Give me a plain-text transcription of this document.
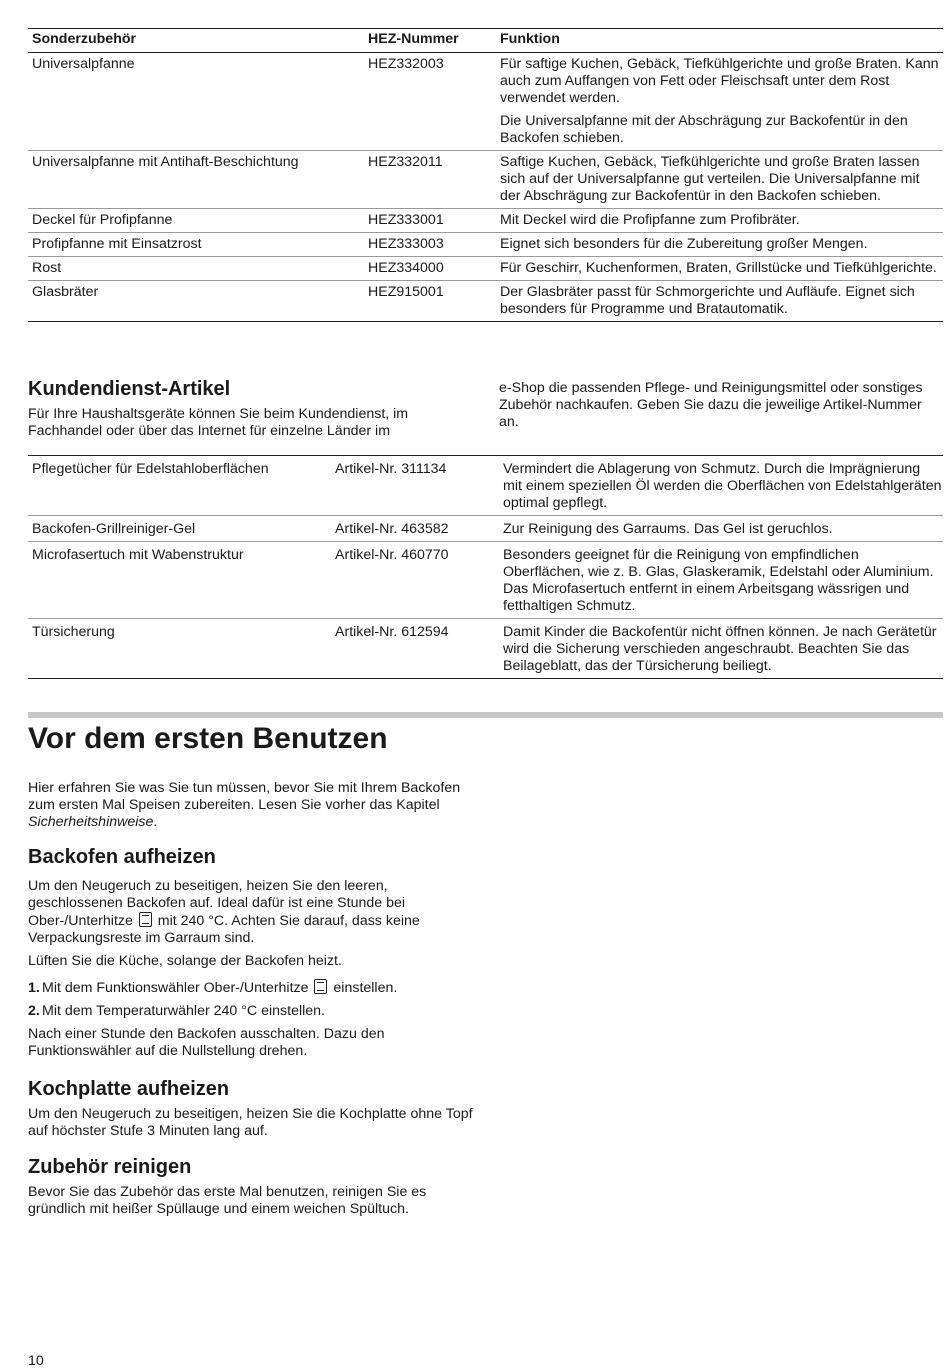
Sonderzubehör	HEZ-Nummer	Funktion
Universalpfanne	HEZ332003	Für saftige Kuchen, Gebäck, Tiefkühlgerichte und große Braten. Kann auch zum Auffangen von Fett oder Fleischsaft unter dem Rost verwendet werden.

Die Universalpfanne mit der Abschrägung zur Backofentür in den Backofen schieben.

Universalpfanne mit Antihaft-Beschichtung	HEZ332011	Saftige Kuchen, Gebäck, Tiefkühlgerichte und große Braten lassen sich auf der Universalpfanne gut verteilen. Die Universalpfanne mit der Abschrägung zur Backofentür in den Backofen schieben.

Deckel für Profipfanne	HEZ333001	Mit Deckel wird die Profipfanne zum Profibräter.

Profipfanne mit Einsatzrost	HEZ333003	Eignet sich besonders für die Zubereitung großer Mengen.

Rost	HEZ334000	Für Geschirr, Kuchenformen, Braten, Grillstücke und Tiefkühlgerichte.

Glasbräter	HEZ915001	Der Glasbräter passt für Schmorgerichte und Aufläufe. Eignet sich besonders für Programme und Bratautomatik.

Kundendienst-Artikel

Für Ihre Haushaltsgeräte können Sie beim Kundendienst, im Fachhandel oder über das Internet für einzelne Länder im

e-Shop die passenden Pflege- und Reinigungsmittel oder sonstiges Zubehör nachkaufen. Geben Sie dazu die jeweilige Artikel-Nummer an.

Pflegetücher für Edelstahloberflächen	Artikel-Nr. 311134	Vermindert die Ablagerung von Schmutz. Durch die Imprägnierung mit einem speziellen Öl werden die Oberflächen von Edelstahlgeräten optimal gepflegt.
Backofen-Grillreiniger-Gel	Artikel-Nr. 463582	Zur Reinigung des Garraums. Das Gel ist geruchlos.
Microfasertuch mit Wabenstruktur	Artikel-Nr. 460770	Besonders geeignet für die Reinigung von empfindlichen Oberflächen, wie z. B. Glas, Glaskeramik, Edelstahl oder Aluminium. Das Microfasertuch entfernt in einem Arbeitsgang wässrigen und fetthaltigen Schmutz.
Türsicherung	Artikel-Nr. 612594	Damit Kinder die Backofentür nicht öffnen können. Je nach Gerätetür wird die Sicherung verschieden angeschraubt. Beachten Sie das Beilageblatt, das der Türsicherung beiliegt.
Vor dem ersten Benutzen

Hier erfahren Sie was Sie tun müssen, bevor Sie mit Ihrem Backofen zum ersten Mal Speisen zubereiten. Lesen Sie vorher das Kapitel Sicherheitshinweise.

Backofen aufheizen

Um den Neugeruch zu beseitigen, heizen Sie den leeren, geschlossenen Backofen auf. Ideal dafür ist eine Stunde bei Ober-/Unterhitze mit 240 °C. Achten Sie darauf, dass keine Verpackungsreste im Garraum sind.

Lüften Sie die Küche, solange der Backofen heizt.

1. Mit dem Funktionswähler Ober-/Unterhitze einstellen.
2. Mit dem Temperaturwähler 240 °C einstellen.

Nach einer Stunde den Backofen ausschalten. Dazu den Funktionswähler auf die Nullstellung drehen.

Kochplatte aufheizen

Um den Neugeruch zu beseitigen, heizen Sie die Kochplatte ohne Topf auf höchster Stufe 3 Minuten lang auf.

Zubehör reinigen

Bevor Sie das Zubehör das erste Mal benutzen, reinigen Sie es gründlich mit heißer Spüllauge und einem weichen Spültuch.

10
